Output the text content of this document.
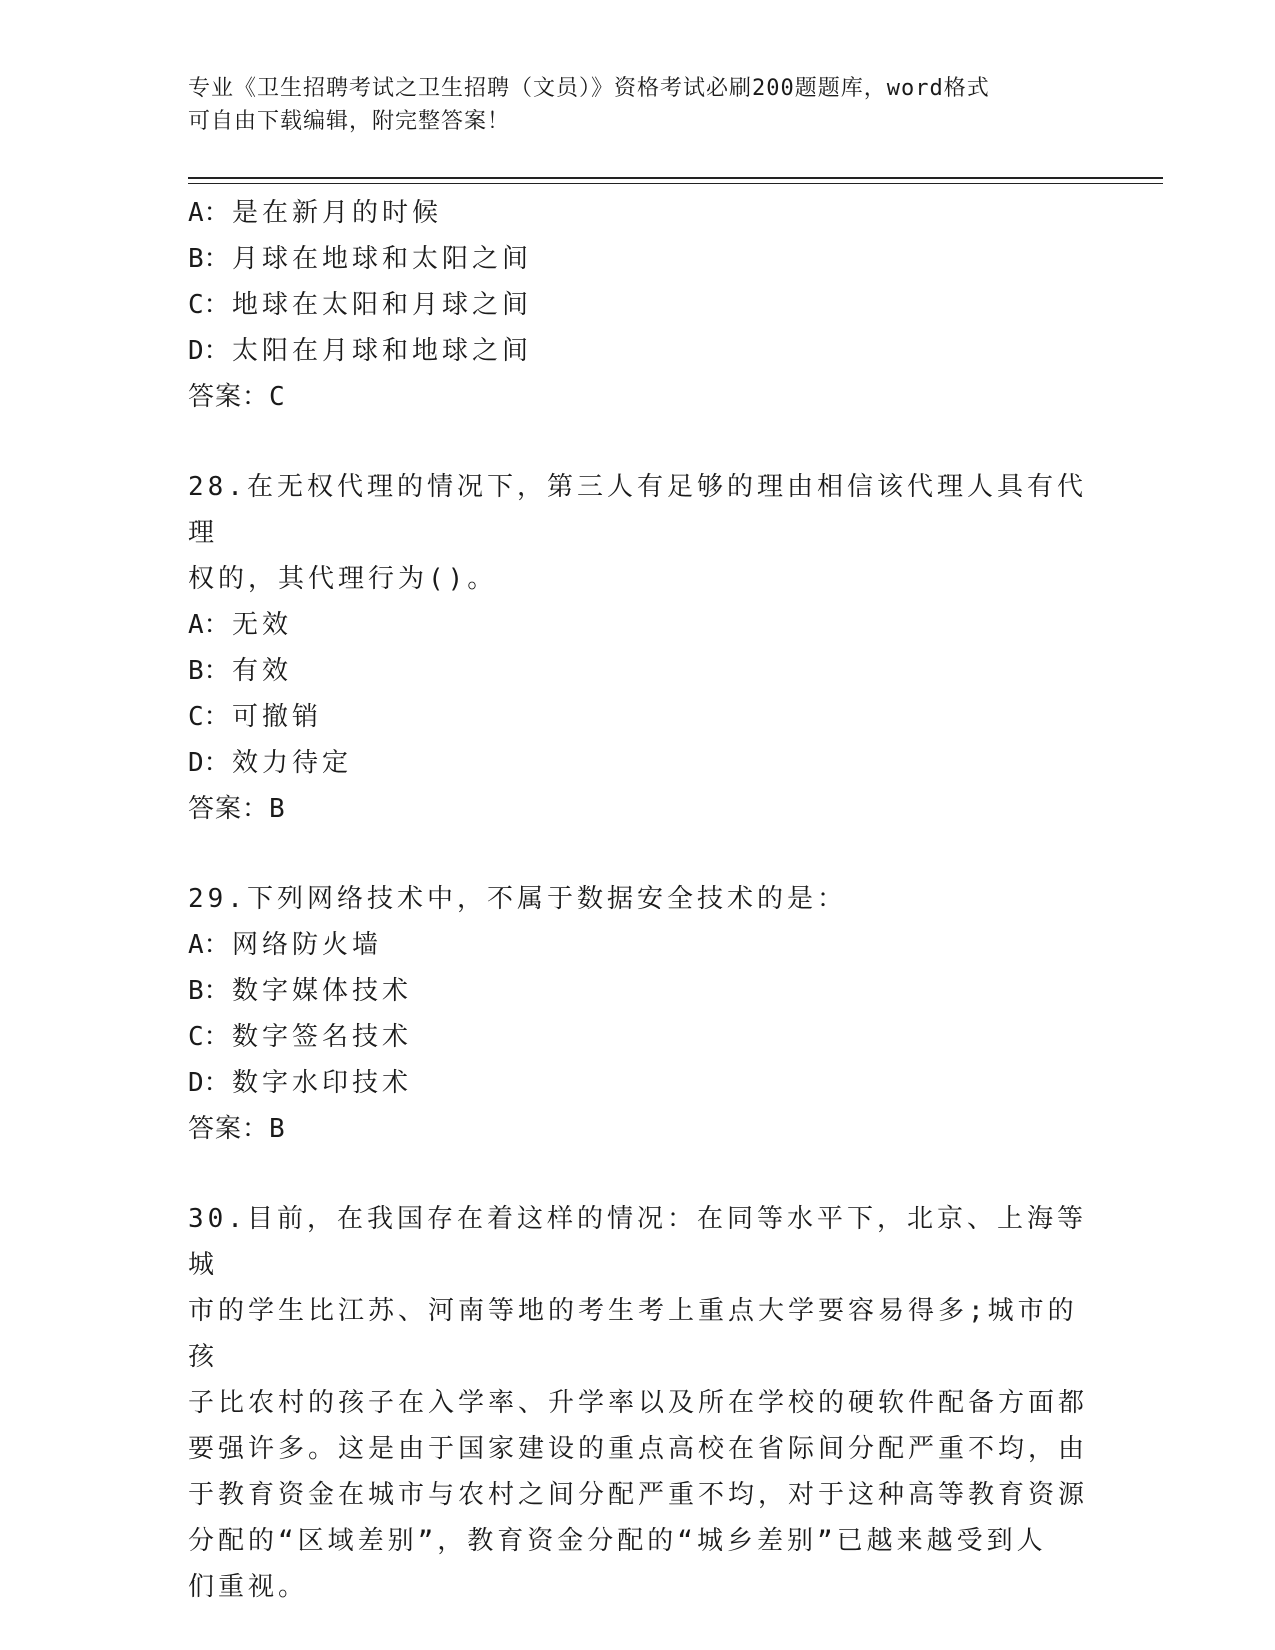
专业《卫生招聘考试之卫生招聘（文员）》资格考试必刷200题题库，word格式
可自由下载编辑，附完整答案！
A：是在新月的时候
B：月球在地球和太阳之间
C：地球在太阳和月球之间
D：太阳在月球和地球之间
答案：C
28.在无权代理的情况下，第三人有足够的理由相信该代理人具有代理
权的，其代理行为()。
A：无效
B：有效
C：可撤销
D：效力待定
答案：B
29.下列网络技术中，不属于数据安全技术的是：
A：网络防火墙
B：数字媒体技术
C：数字签名技术
D：数字水印技术
答案：B
30.目前，在我国存在着这样的情况：在同等水平下，北京、上海等城
市的学生比江苏、河南等地的考生考上重点大学要容易得多;城市的孩
子比农村的孩子在入学率、升学率以及所在学校的硬软件配备方面都
要强许多。这是由于国家建设的重点高校在省际间分配严重不均，由
于教育资金在城市与农村之间分配严重不均，对于这种高等教育资源
分配的“区域差别”，教育资金分配的“城乡差别”已越来越受到人
们重视。
